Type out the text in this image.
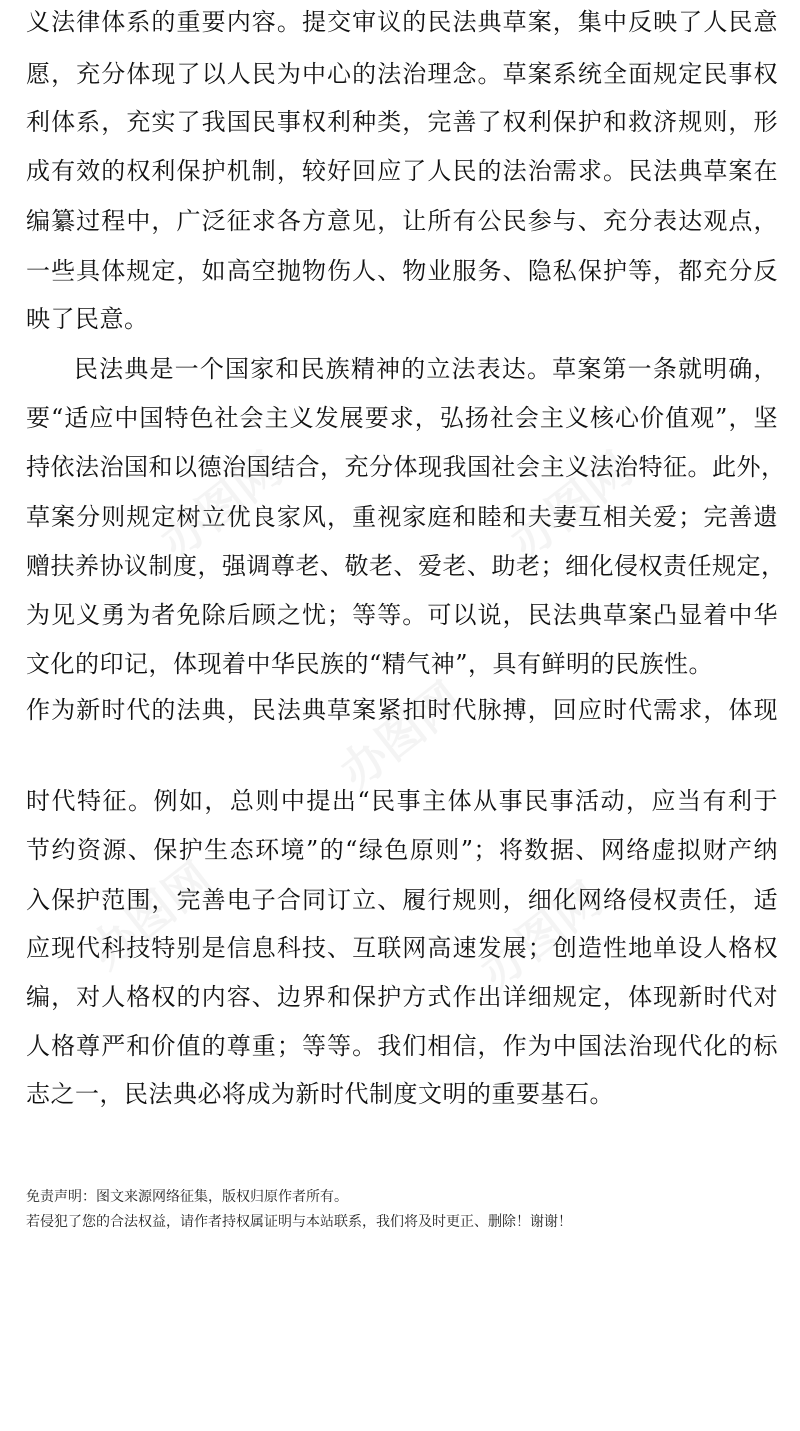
办图网	办图网
办图网
办图网	办图网
义法律体系的重要内容。提交审议的民法典草案，集中反映了人民意
愿，充分体现了以人民为中心的法治理念。草案系统全面规定民事权
利体系，充实了我国民事权利种类，完善了权利保护和救济规则，形
成有效的权利保护机制，较好回应了人民的法治需求。民法典草案在
编纂过程中，广泛征求各方意见，让所有公民参与、充分表达观点，
一些具体规定，如高空抛物伤人、物业服务、隐私保护等，都充分反
映了民意。
民法典是一个国家和民族精神的立法表达。草案第一条就明确，
要“适应中国特色社会主义发展要求，弘扬社会主义核心价值观”，坚
持依法治国和以德治国结合，充分体现我国社会主义法治特征。此外，
草案分则规定树立优良家风，重视家庭和睦和夫妻互相关爱；完善遗
赠扶养协议制度，强调尊老、敬老、爱老、助老；细化侵权责任规定，
为见义勇为者免除后顾之忧；等等。可以说，民法典草案凸显着中华
文化的印记，体现着中华民族的“精气神”，具有鲜明的民族性。
作为新时代的法典，民法典草案紧扣时代脉搏，回应时代需求，体现
时代特征。例如，总则中提出“民事主体从事民事活动，应当有利于
节约资源、保护生态环境”的“绿色原则”；将数据、网络虚拟财产纳
入保护范围，完善电子合同订立、履行规则，细化网络侵权责任，适
应现代科技特别是信息科技、互联网高速发展；创造性地单设人格权
编，对人格权的内容、边界和保护方式作出详细规定，体现新时代对
人格尊严和价值的尊重；等等。我们相信，作为中国法治现代化的标
志之一，民法典必将成为新时代制度文明的重要基石。
免责声明：图文来源网络征集，版权归原作者所有。
若侵犯了您的合法权益，请作者持权属证明与本站联系，我们将及时更正、删除！谢谢！
